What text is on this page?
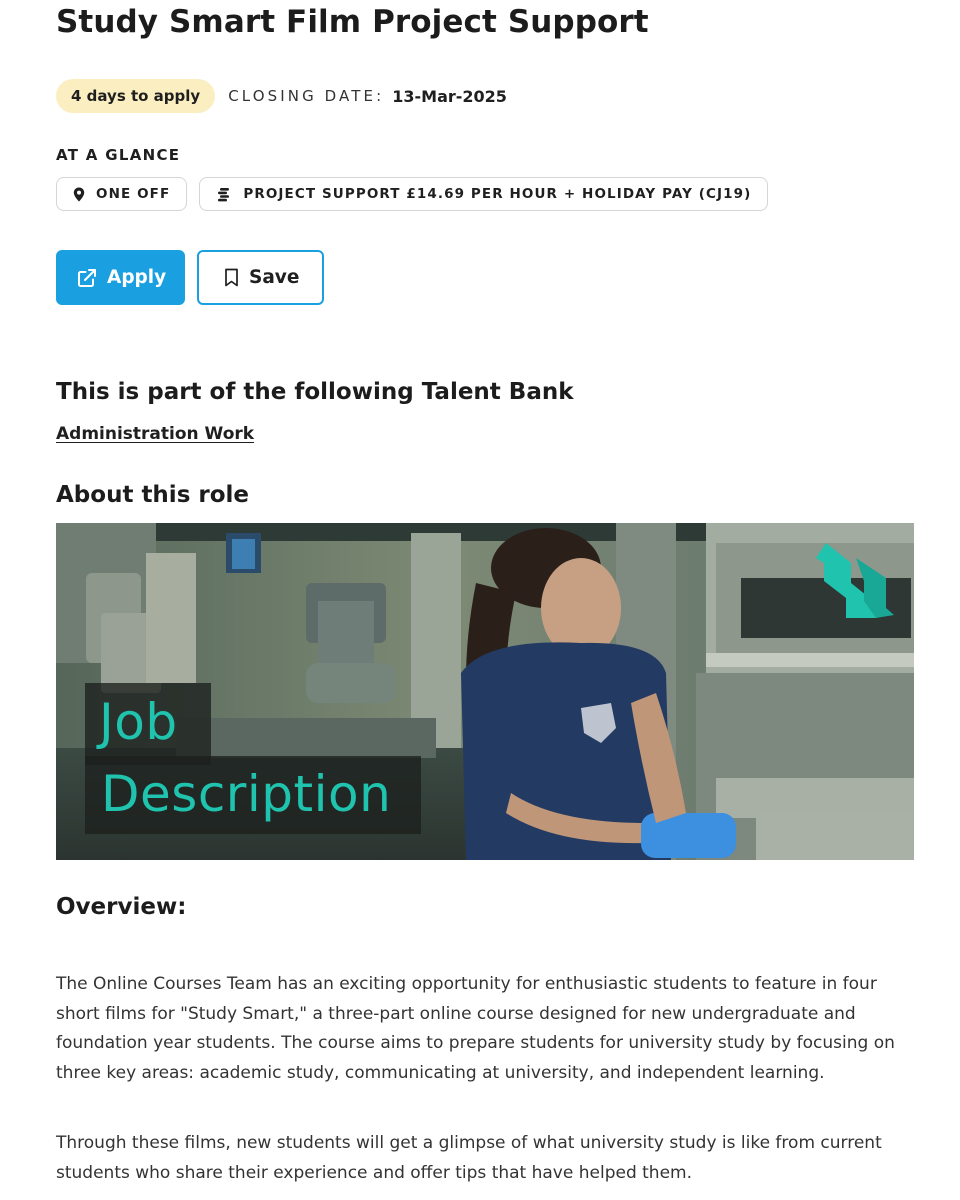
Study Smart Film Project Support
4 days to apply	CLOSING DATE: 13-Mar-2025
AT A GLANCE
ONE OFF	PROJECT SUPPORT £14.69 PER HOUR + HOLIDAY PAY (CJ19)
Apply	Save
This is part of the following Talent Bank
Administration Work
About this role
Job
Description
Overview:

The Online Courses Team has an exciting opportunity for enthusiastic students to feature in four short films for "Study Smart," a three-part online course designed for new undergraduate and foundation year students. The course aims to prepare students for university study by focusing on three key areas: academic study, communicating at university, and independent learning.

Through these films, new students will get a glimpse of what university study is like from current students who share their experience and offer tips that have helped them.
